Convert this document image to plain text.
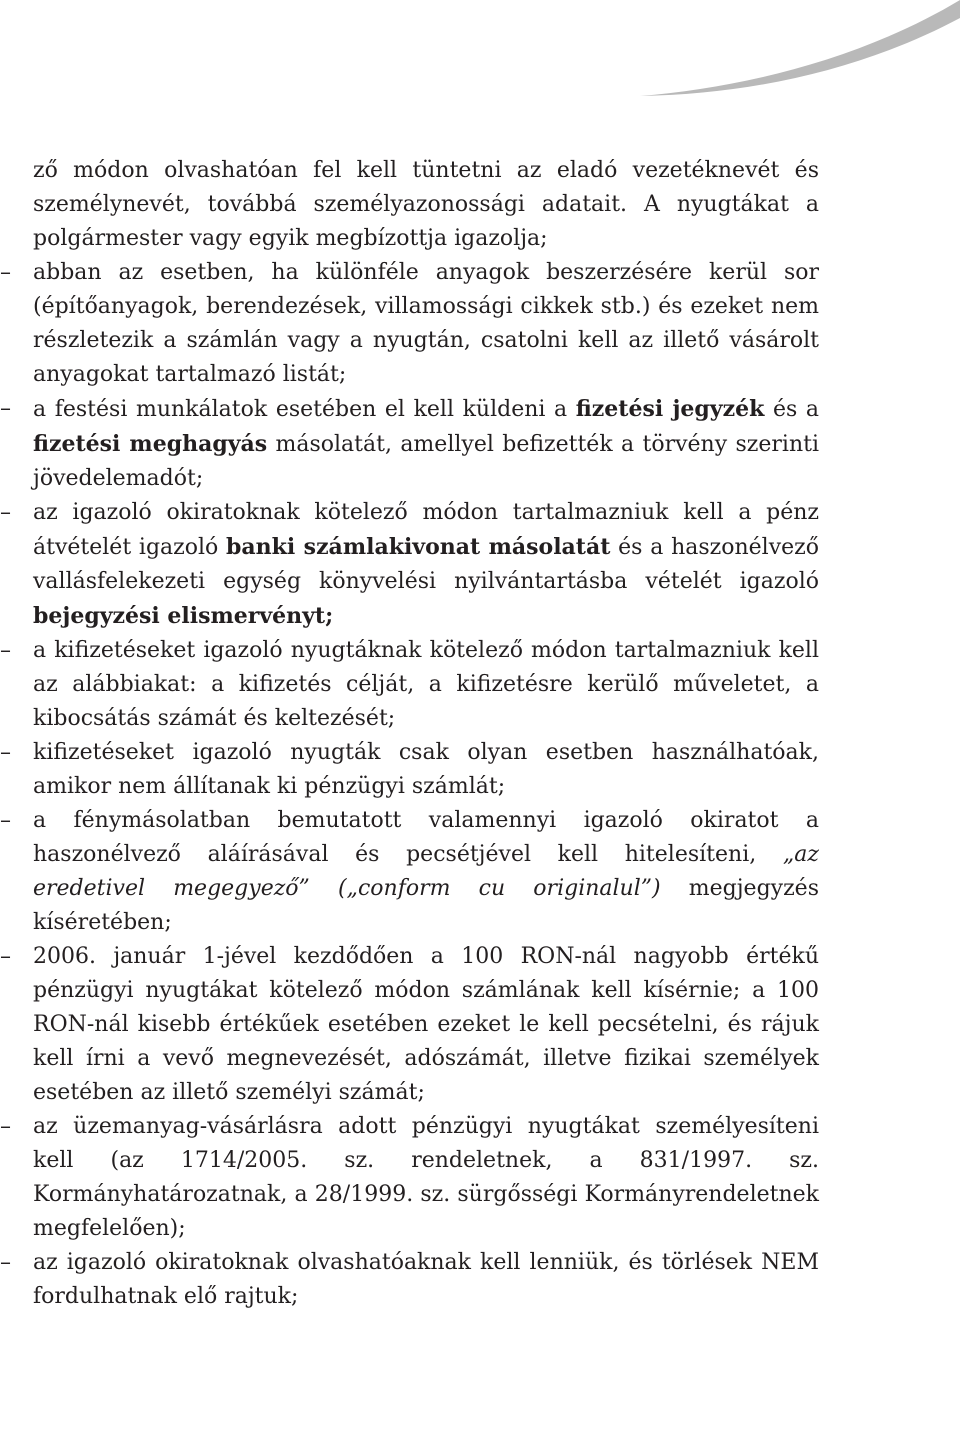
ző módon olvashatóan fel kell tüntetni az eladó vezetéknevét és személynevét, továbbá személyazonossági adatait. A nyugtákat a polgármester vagy egyik megbízottja igazolja;

–	abban az esetben, ha különféle anyagok beszerzésére kerül sor (építőanyagok, berendezések, villamossági cikkek stb.) és ezeket nem részletezik a számlán vagy a nyugtán, csatolni kell az illető vásárolt anyagokat tartalmazó listát;
–	a festési munkálatok esetében el kell küldeni a fizetési jegyzék és a fizetési meghagyás másolatát, amellyel befizették a törvény szerinti jövedelemadót;
–	az igazoló okiratoknak kötelező módon tartalmazniuk kell a pénz átvételét igazoló banki számlakivonat másolatát és a haszonélvező vallásfelekezeti egység könyvelési nyilvántartásba vételét igazoló bejegyzési elismervényt;
–	a kifizetéseket igazoló nyugtáknak kötelező módon tartalmazniuk kell az alábbiakat: a kifizetés célját, a kifizetésre kerülő műveletet, a kibocsátás számát és keltezését;
–	kifizetéseket igazoló nyugták csak olyan esetben használhatóak, amikor nem állítanak ki pénzügyi számlát;
–	a fénymásolatban bemutatott valamennyi igazoló okiratot a haszonélvező aláírásával és pecsétjével kell hitelesíteni, „az eredetivel megegyező” („conform cu originalul”) megjegyzés kíséretében;
–	2006. január 1-jével kezdődően a 100 RON-nál nagyobb értékű pénzügyi nyugtákat kötelező módon számlának kell kísérnie; a 100 RON-nál kisebb értékűek esetében ezeket le kell pecsételni, és rájuk kell írni a vevő megnevezését, adószámát, illetve fizikai személyek esetében az illető személyi számát;
–	az üzemanyag-vásárlásra adott pénzügyi nyugtákat személyesíteni kell (az 1714/2005. sz. rendeletnek, a 831/1997. sz. Kormányhatározatnak, a 28/1999. sz. sürgősségi Kormányrendeletnek megfelelően);
–	az igazoló okiratoknak olvashatóaknak kell lenniük, és törlések NEM fordulhatnak elő rajtuk;
